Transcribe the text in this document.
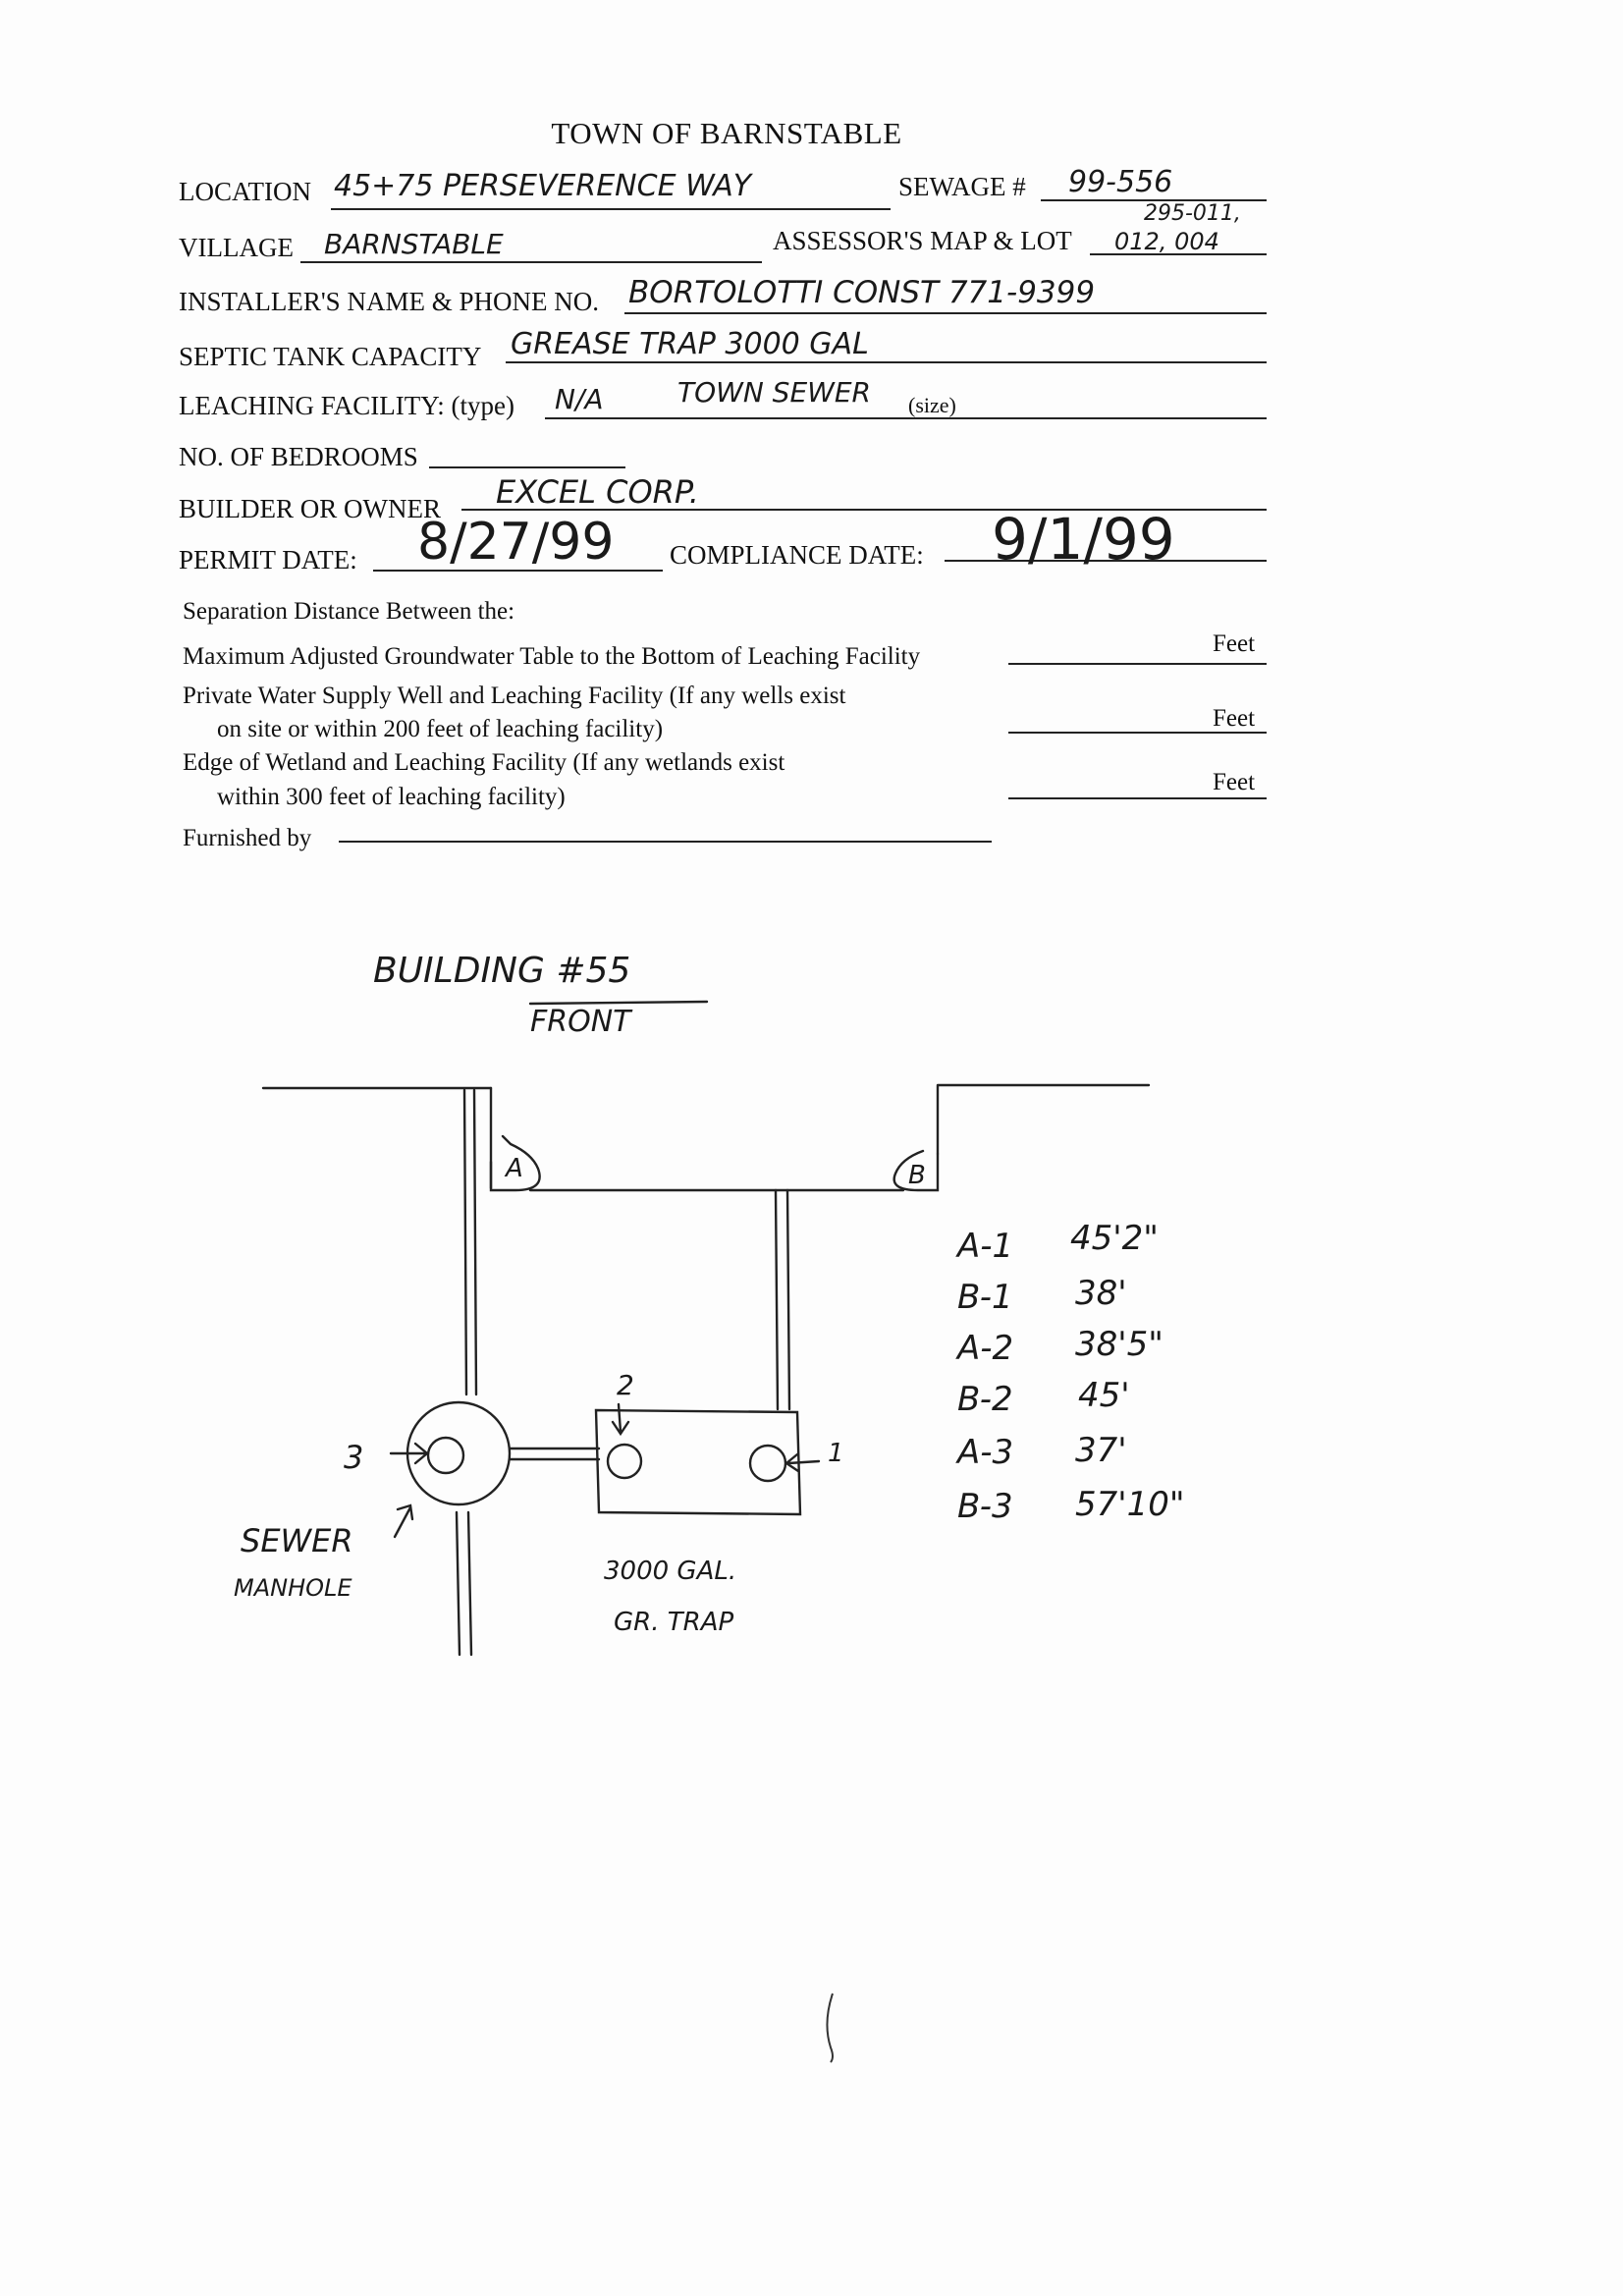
TOWN OF BARNSTABLE
LOCATION 45+75 PERSEVERENCE WAY	SEWAGE # 99-556
VILLAGE BARNSTABLE	ASSESSOR'S MAP & LOT
295-011,
012, 004
INSTALLER'S NAME & PHONE NO. BORTOLOTTI CONST 771-9399
SEPTIC TANK CAPACITY GREASE TRAP 3000 GAL
LEACHING FACILITY: (type) N/A	TOWN SEWER (size)
NO. OF BEDROOMS
BUILDER OR OWNER EXCEL CORP.
PERMIT DATE: 8/27/99 COMPLIANCE DATE: 9/1/99
Separation Distance Between the:
Maximum Adjusted Groundwater Table to the Bottom of Leaching Facility	Feet
Private Water Supply Well and Leaching Facility (If any wells exist
on site or within 200 feet of leaching facility)	Feet
Edge of Wetland and Leaching Facility (If any wetlands exist
within 300 feet of leaching facility)
Feet
Furnished by
BUILDING #55
FRONT
A	B
3
2
1
SEWER
MANHOLE
3000 GAL.
GR. TRAP
A-1 45'2"
B-1 38'
A-2 38'5"
B-2 45'
A-3 37'
B-3 57'10"
